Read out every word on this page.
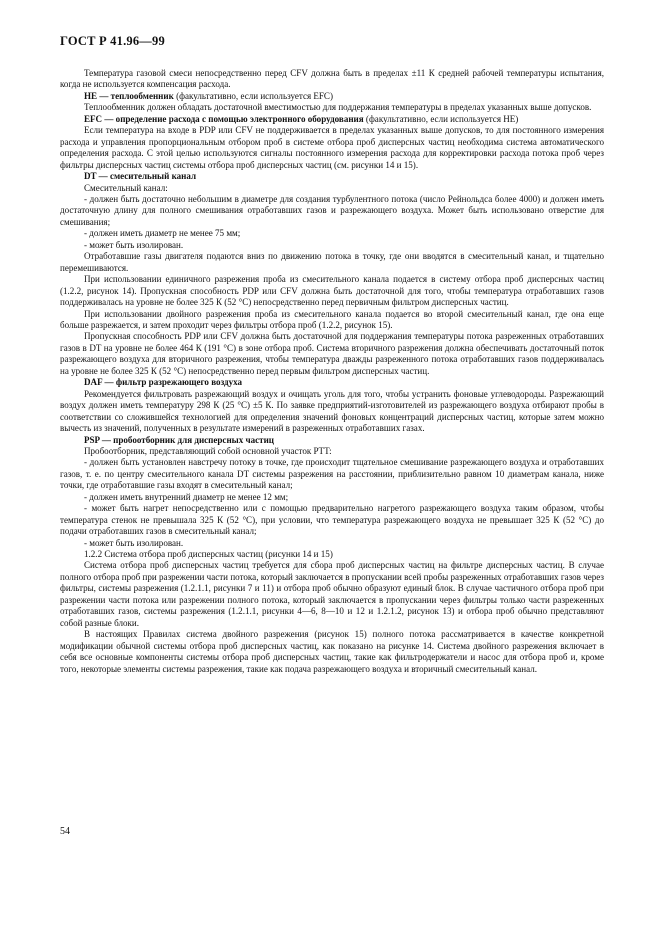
ГОСТ Р 41.96—99

Температура газовой смеси непосредственно перед CFV должна быть в пределах ±11 К средней рабочей температуры испытания, когда не используется компенсация расхода.

НЕ — теплообменник (факультативно, если используется EFC)

Теплообменник должен обладать достаточной вместимостью для поддержания температуры в пределах указанных выше допусков.

EFC — определение расхода с помощью электронного оборудования (факультативно, если используется НЕ)

Если температура на входе в PDP или CFV не поддерживается в пределах указанных выше допусков, то для постоянного измерения расхода и управления пропорциональным отбором проб в системе отбора проб дисперсных частиц необходима система автоматического определения расхода. С этой целью используются сигналы постоянного измерения расхода для корректировки расхода потока проб через фильтры дисперсных частиц системы отбора проб дисперсных частиц (см. рисунки 14 и 15).

DT — смесительный канал

Смесительный канал:

- должен быть достаточно небольшим в диаметре для создания турбулентного потока (число Рейнольдса более 4000) и должен иметь достаточную длину для полного смешивания отработавших газов и разрежающего воздуха. Может быть использовано отверстие для смешивания;

- должен иметь диаметр не менее 75 мм;

- может быть изолирован.

Отработавшие газы двигателя подаются вниз по движению потока в точку, где они вводятся в смесительный канал, и тщательно перемешиваются.

При использовании единичного разрежения проба из смесительного канала подается в систему отбора проб дисперсных частиц (1.2.2, рисунок 14). Пропускная способность PDP или CFV должна быть достаточной для того, чтобы температура отработавших газов поддерживалась на уровне не более 325 К (52 °С) непосредственно перед первичным фильтром дисперсных частиц.

При использовании двойного разрежения проба из смесительного канала подается во второй смесительный канал, где она еще больше разрежается, и затем проходит через фильтры отбора проб (1.2.2, рисунок 15).

Пропускная способность PDP или CFV должна быть достаточной для поддержания температуры потока разреженных отработавших газов в DT на уровне не более 464 К (191 °С) в зоне отбора проб. Система вторичного разрежения должна обеспечивать достаточный поток разрежающего воздуха для вторичного разрежения, чтобы температура дважды разреженного потока отработавших газов поддерживалась на уровне не более 325 К (52 °С) непосредственно перед первым фильтром дисперсных частиц.

DAF — фильтр разрежающего воздуха

Рекомендуется фильтровать разрежающий воздух и очищать уголь для того, чтобы устранить фоновые углеводороды. Разрежающий воздух должен иметь температуру 298 К (25 °С) ±5 К. По заявке предприятий-изготовителей из разрежающего воздуха отбирают пробы в соответствии со сложившейся технологией для определения значений фоновых концентраций дисперсных частиц, которые затем можно вычесть из значений, полученных в результате измерений в разреженных отработавших газах.

PSP — пробоотборник для дисперсных частиц

Пробоотборник, представляющий собой основной участок PTT:

- должен быть установлен навстречу потоку в точке, где происходит тщательное смешивание разрежающего воздуха и отработавших газов, т. е. по центру смесительного канала DT системы разрежения на расстоянии, приблизительно равном 10 диаметрам канала, ниже точки, где отработавшие газы входят в смесительный канал;

- должен иметь внутренний диаметр не менее 12 мм;

- может быть нагрет непосредственно или с помощью предварительно нагретого разрежающего воздуха таким образом, чтобы температура стенок не превышала 325 К (52 °С), при условии, что температура разрежающего воздуха не превышает 325 К (52 °С) до подачи отработавших газов в смесительный канал;

- может быть изолирован.

1.2.2 Система отбора проб дисперсных частиц (рисунки 14 и 15)

Система отбора проб дисперсных частиц требуется для сбора проб дисперсных частиц на фильтре дисперсных частиц. В случае полного отбора проб при разрежении части потока, который заключается в пропускании всей пробы разреженных отработавших газов через фильтры, системы разрежения (1.2.1.1, рисунки 7 и 11) и отбора проб обычно образуют единый блок. В случае частичного отбора проб при разрежении части потока или разрежении полного потока, который заключается в пропускании через фильтры только части разреженных отработавших газов, системы разрежения (1.2.1.1, рисунки 4—6, 8—10 и 12 и 1.2.1.2, рисунок 13) и отбора проб обычно представляют собой разные блоки.

В настоящих Правилах система двойного разрежения (рисунок 15) полного потока рассматривается в качестве конкретной модификации обычной системы отбора проб дисперсных частиц, как показано на рисунке 14. Система двойного разрежения включает в себя все основные компоненты системы отбора проб дисперсных частиц, такие как фильтродержатели и насос для отбора проб и, кроме того, некоторые элементы системы разрежения, такие как подача разрежающего воздуха и вторичный смесительный канал.

54
